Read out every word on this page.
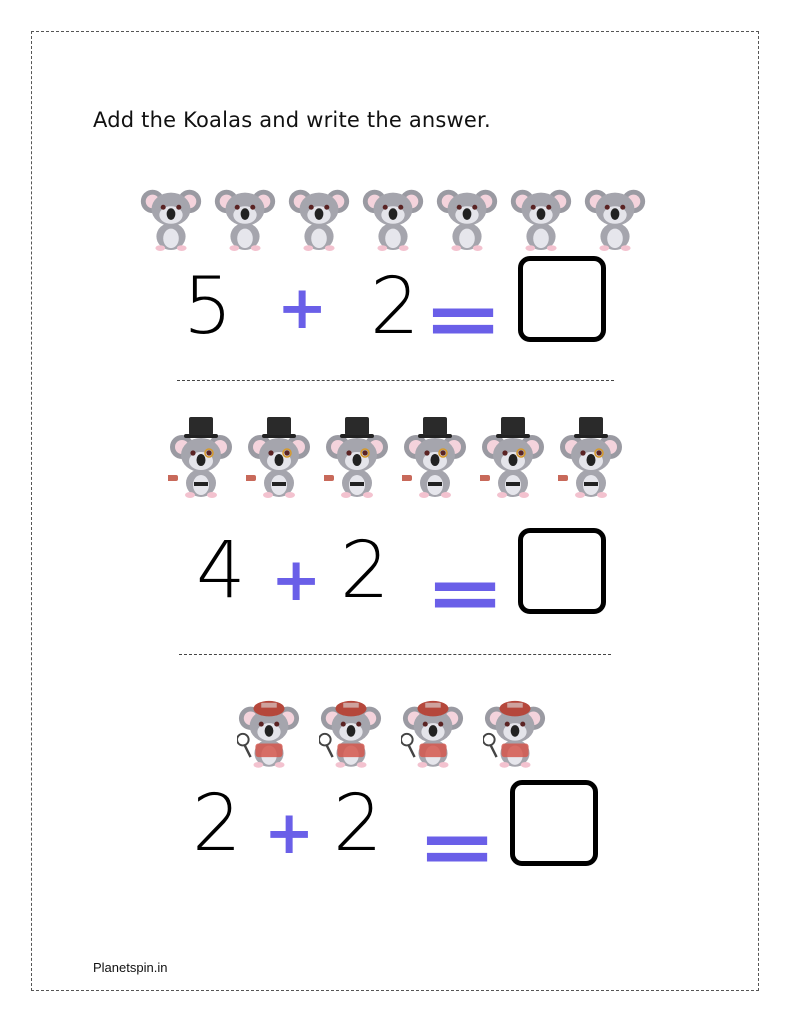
Add the Koalas and write the answer.
5 + 2 =
4 + 2 =
2 + 2 =
Planetspin.in
